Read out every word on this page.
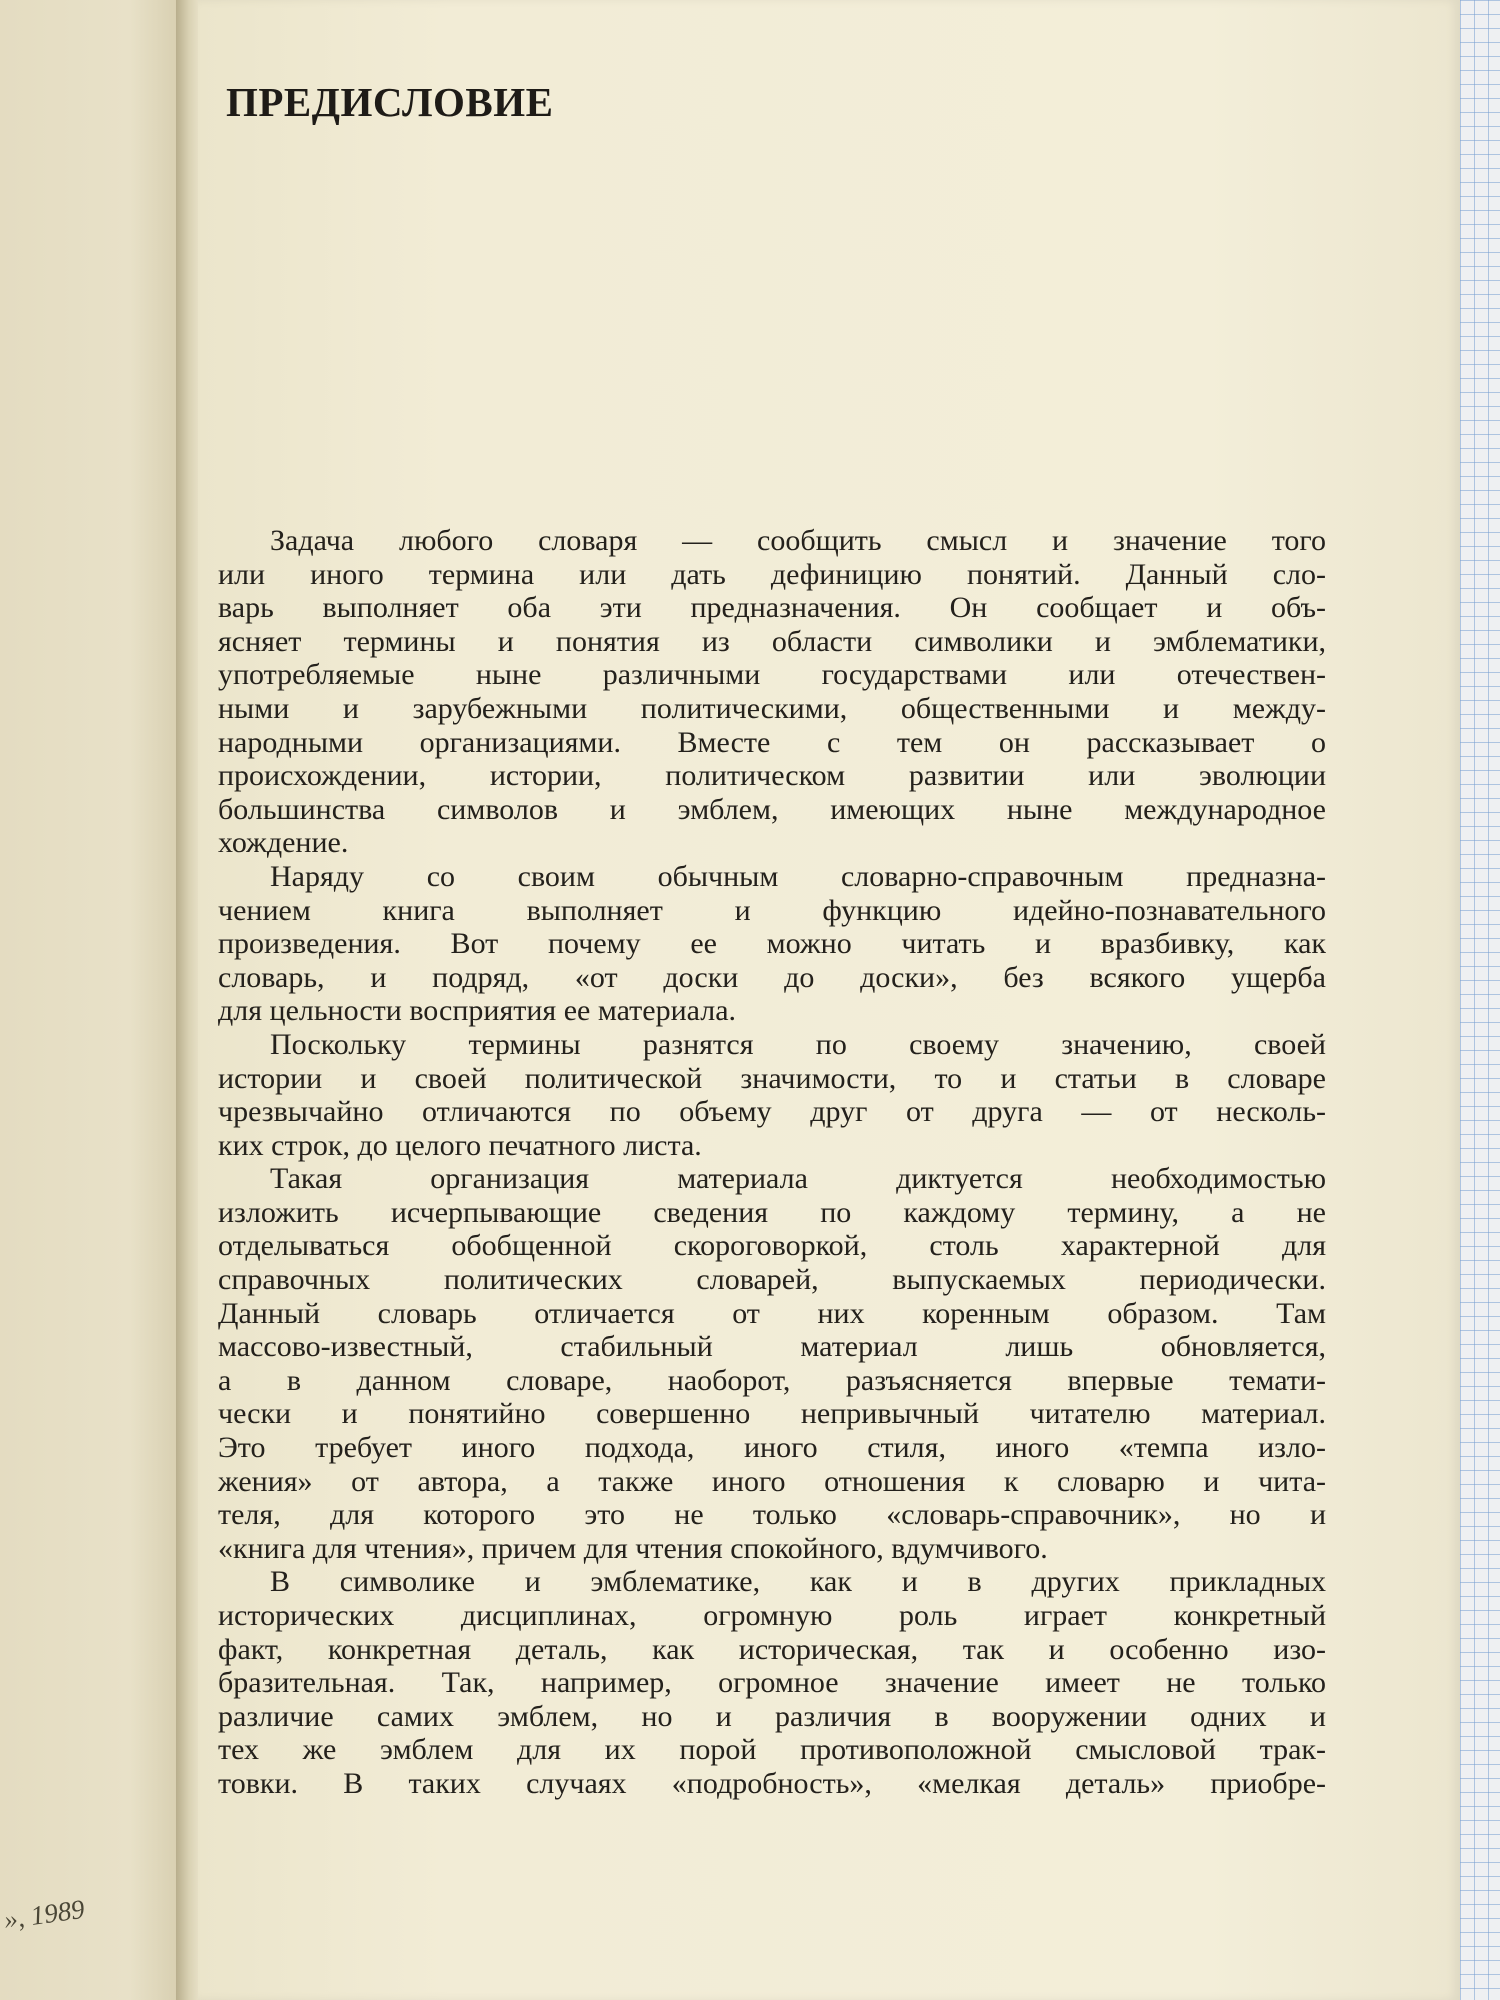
», 1989
ПРЕДИСЛОВИЕ
Задача любого словаря — сообщить смысл и значение того
или иного термина или дать дефиницию понятий. Данный сло-
варь выполняет оба эти предназначения. Он сообщает и объ-
ясняет термины и понятия из области символики и эмблематики,
употребляемые ныне различными государствами или отечествен-
ными и зарубежными политическими, общественными и между-
народными организациями. Вместе с тем он рассказывает о
происхождении, истории, политическом развитии или эволюции
большинства символов и эмблем, имеющих ныне международное
хождение.
Наряду со своим обычным словарно-справочным предназна-
чением книга выполняет и функцию идейно-познавательного
произведения. Вот почему ее можно читать и вразбивку, как
словарь, и подряд, «от доски до доски», без всякого ущерба
для цельности восприятия ее материала.
Поскольку термины разнятся по своему значению, своей
истории и своей политической значимости, то и статьи в словаре
чрезвычайно отличаются по объему друг от друга — от несколь-
ких строк, до целого печатного листа.
Такая организация материала диктуется необходимостью
изложить исчерпывающие сведения по каждому термину, а не
отделываться обобщенной скороговоркой, столь характерной для
справочных политических словарей, выпускаемых периодически.
Данный словарь отличается от них коренным образом. Там
массово-известный, стабильный материал лишь обновляется,
а в данном словаре, наоборот, разъясняется впервые темати-
чески и понятийно совершенно непривычный читателю материал.
Это требует иного подхода, иного стиля, иного «темпа изло-
жения» от автора, а также иного отношения к словарю и чита-
теля, для которого это не только «словарь-справочник», но и
«книга для чтения», причем для чтения спокойного, вдумчивого.
В символике и эмблематике, как и в других прикладных
исторических дисциплинах, огромную роль играет конкретный
факт, конкретная деталь, как историческая, так и особенно изо-
бразительная. Так, например, огромное значение имеет не только
различие самих эмблем, но и различия в вооружении одних и
тех же эмблем для их порой противоположной смысловой трак-
товки. В таких случаях «подробность», «мелкая деталь» приобре-
